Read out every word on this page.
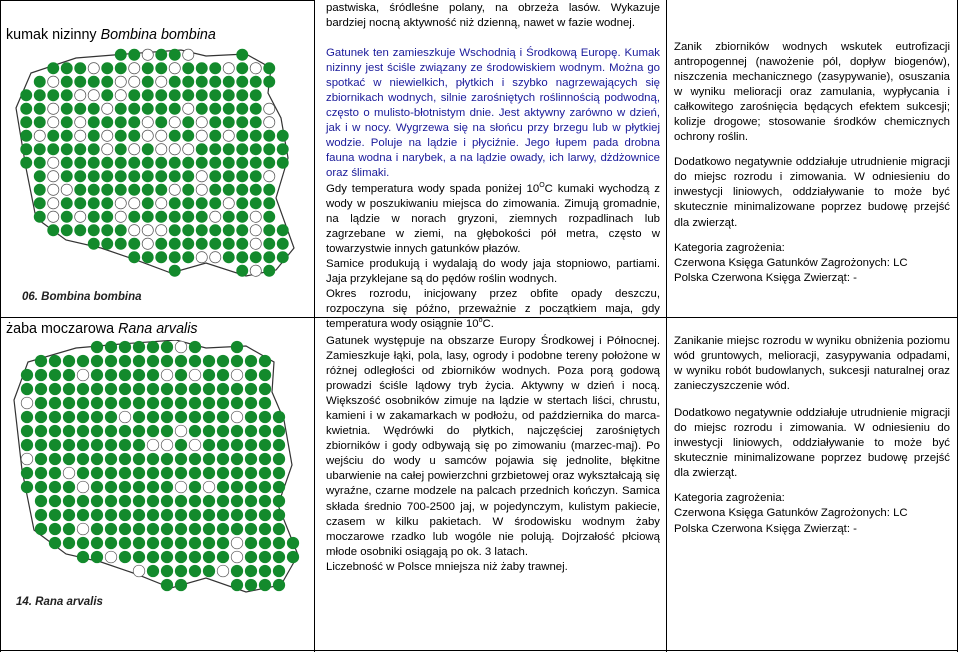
kumak nizinny Bombina bombina
06. Bombina bombina

pastwiska, śródleśne polany, na obrzeża lasów. Wykazuje bardziej nocną aktywność niż dzienną, nawet w fazie wodnej.

Gatunek ten zamieszkuje Wschodnią i Środkową Europę. Kumak nizinny jest ściśle związany ze środowiskiem wodnym. Można go spotkać w niewielkich, płytkich i szybko nagrzewających się zbiornikach wodnych, silnie zarośniętych roślinnością podwodną, często o mulisto-błotnistym dnie. Jest aktywny zarówno w dzień, jak i w nocy. Wygrzewa się na słońcu przy brzegu lub w płytkiej wodzie. Poluje na lądzie i płyciźnie. Jego łupem pada drobna fauna wodna i narybek, a na lądzie owady, ich larwy, dżdżownice oraz ślimaki.

Gdy temperatura wody spada poniżej $10^OC$ kumaki wychodzą z wody w poszukiwaniu miejsca do zimowania. Zimują gromadnie, na lądzie w norach gryzoni, ziemnych rozpadlinach lub zagrzebane w ziemi, na głębokości pół metra, często w towarzystwie innych gatunków płazów.

Samice produkują i wydalają do wody jaja stopniowo, partiami. Jaja przyklejane są do pędów roślin wodnych.

Okres rozrodu, inicjowany przez obfite opady deszczu, rozpoczyna się późno, przeważnie z początkiem maja, gdy temperatura wody osiągnie 10$^o$C.

Zanik zbiorników wodnych wskutek eutrofizacji antropogennej (nawożenie pól, dopływ biogenów), niszczenia mechanicznego (zasypywanie), osuszania w wyniku melioracji oraz zamulania, wypłycania i całkowitego zarośnięcia będących efektem sukcesji; kolizje drogowe; stosowanie środków chemicznych ochrony roślin.

Dodatkowo negatywnie oddziałuje utrudnienie migracji do miejsc rozrodu i zimowania. W odniesieniu do inwestycji liniowych, oddziaływanie to może być skutecznie minimalizowane poprzez budowę przejść dla zwierząt.

Kategoria zagrożenia:

Czerwona Księga Gatunków Zagrożonych: LC

Polska Czerwona Księga Zwierząt: -

żaba moczarowa Rana arvalis
14. Rana arvalis

Gatunek występuje na obszarze Europy Środkowej i Północnej. Zamieszkuje łąki, pola, lasy, ogrody i podobne tereny położone w różnej odległości od zbiorników wodnych. Poza porą godową prowadzi ściśle lądowy tryb życia. Aktywny w dzień i nocą. Większość osobników zimuje na lądzie w stertach liści, chrustu, kamieni i w zakamarkach w podłożu, od października do marca-kwietnia. Wędrówki do płytkich, najczęściej zarośniętych zbiorników i gody odbywają się po zimowaniu (marzec-maj). Po wejściu do wody u samców pojawia się jednolite, błękitne ubarwienie na całej powierzchni grzbietowej oraz wykształcają się wyraźne, czarne modzele na palcach przednich kończyn. Samica składa średnio 700-2500 jaj, w pojedynczym, kulistym pakiecie, czasem w kilku pakietach. W środowisku wodnym żaby moczarowe rzadko lub wogóle nie polują. Dojrzałość płciową młode osobniki osiągają po ok. 3 latach.

Liczebność w Polsce mniejsza niż żaby trawnej.

Zanikanie miejsc rozrodu w wyniku obniżenia poziomu wód gruntowych, melioracji, zasypywania odpadami, w wyniku robót budowlanych, sukcesji naturalnej oraz zanieczyszczenie wód.

Dodatkowo negatywnie oddziałuje utrudnienie migracji do miejsc rozrodu i zimowania. W odniesieniu do inwestycji liniowych, oddziaływanie to może być skutecznie minimalizowane poprzez budowę przejść dla zwierząt.

Kategoria zagrożenia:

Czerwona Księga Gatunków Zagrożonych: LC

Polska Czerwona Księga Zwierząt: -
